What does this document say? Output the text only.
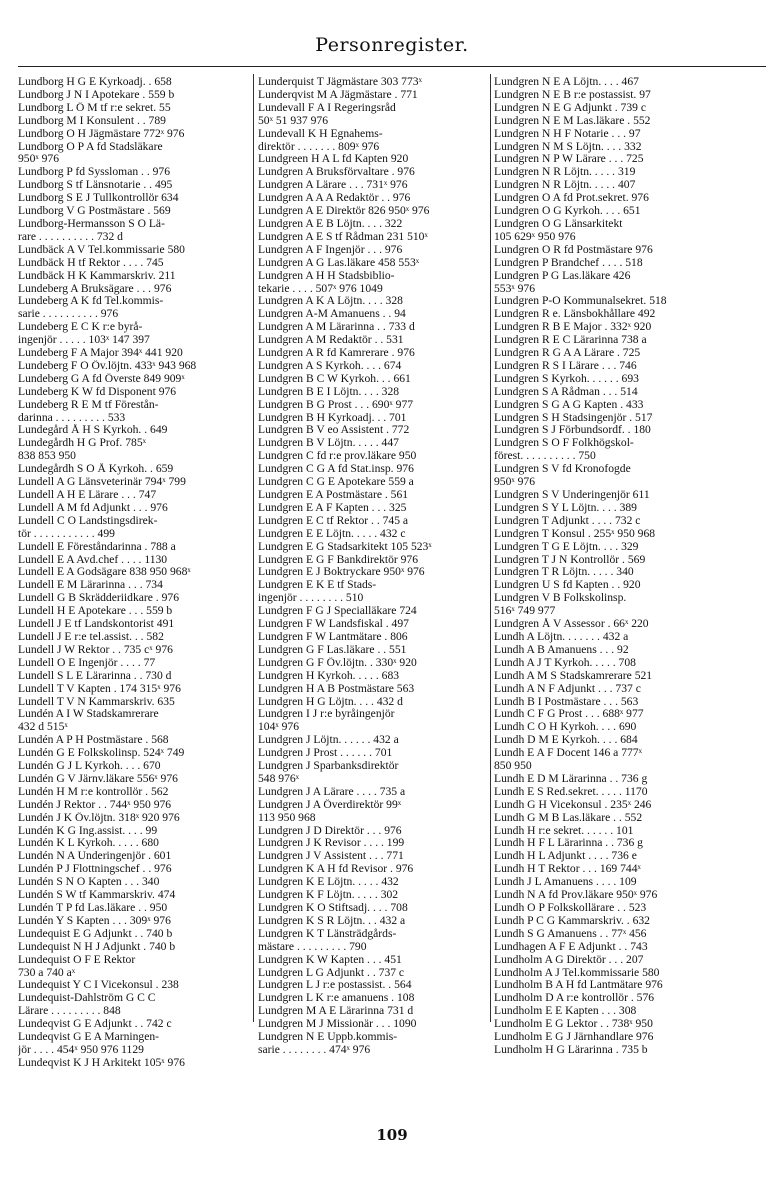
Personregister.
Lundborg H G E Kyrkoadj. . 658
Lundborg J N I Apotekare . 559 b
Lundborg L Ö M tf r:e sekret. 55
Lundborg M I Konsulent . . 789
Lundborg O H Jägmästare 772ˣ 976
Lundborg O P A fd Stadsläkare
950ˣ 976
Lundborg P fd Syssloman . . 976
Lundborg S tf Länsnotarie . . 495
Lundborg S E J Tullkontrollör 634
Lundborg V G Postmästare . 569
Lundborg-Hermansson S O Lä-
rare . . . . . . . . . . 732 d
Lundbäck A V Tel.kommissarie 580
Lundbäck H tf Rektor . . . . 745
Lundbäck H K Kammarskriv. 211
Lundeberg A Bruksägare . . . 976
Lundeberg A K fd Tel.kommis-
sarie . . . . . . . . . . 976
Lundeberg E C K r:e byrå-
ingenjör . . . . . 103ˣ 147 397
Lundeberg F A Major 394ˣ 441 920
Lundeberg F O Öv.löjtn. 433ˣ 943 968
Lundeberg G A fd Överste 849 909ˣ
Lundeberg K W fd Disponent 976
Lundeberg R E M tf Förestån-
darinna . . . . . . . . . 533
Lundegård Å H S Kyrkoh. . 649
Lundegårdh H G Prof. 785ˣ
838 853 950
Lundegårdh S O Å Kyrkoh. . 659
Lundell A G Länsveterinär 794ˣ 799
Lundell A H E Lärare . . . 747
Lundell A M fd Adjunkt . . . 976
Lundell C O Landstingsdirek-
tör . . . . . . . . . . . 499
Lundell E Föreståndarinna . 788 a
Lundell E A Avd.chef . . . . 1130
Lundell E A Godsägare 838 950 968ˣ
Lundell E M Lärarinna . . . 734
Lundell G B Skrädderiidkare . 976
Lundell H E Apotekare . . . 559 b
Lundell J E tf Landskontorist 491
Lundell J E r:e tel.assist. . . 582
Lundell J W Rektor . . 735 cˣ 976
Lundell O E Ingenjör . . . . 77
Lundell S L E Lärarinna . . 730 d
Lundell T V Kapten . 174 315ˣ 976
Lundell T V N Kammarskriv. 635
Lundén A I W Stadskamrerare
432 d 515ˣ
Lundén A P H Postmästare . 568
Lundén G E Folkskolinsp. 524ˣ 749
Lundén G J L Kyrkoh. . . . 670
Lundén G V Järnv.läkare 556ˣ 976
Lundén H M r:e kontrollör . 562
Lundén J Rektor . . 744ˣ 950 976
Lundén J K Öv.löjtn. 318ˣ 920 976
Lundén K G Ing.assist. . . . 99
Lundén K L Kyrkoh. . . . . 680
Lundén N A Underingenjör . 601
Lundén P J Flottningschef . . 976
Lundén S N O Kapten . . . 340
Lundén S W tf Kammarskriv. 474
Lundén T P fd Las.läkare . . 950
Lundén Y S Kapten . . . 309ˣ 976
Lundequist E G Adjunkt . . 740 b
Lundequist N H J Adjunkt . 740 b
Lundequist O F E Rektor
730 a 740 aˣ
Lundequist Y C I Vicekonsul . 238
Lundequist-Dahlström G C C
Lärare . . . . . . . . . 848
Lundeqvist G E Adjunkt . . 742 c
Lundeqvist G E A Marningen-
jör . . . . 454ˣ 950 976 1129
Lundeqvist K J H Arkitekt 105ˣ 976
Lunderquist T Jägmästare 303 773ˣ
Lunderqvist M A Jägmästare . 771
Lundevall F A I Regeringsråd
50ˣ 51 937 976
Lundevall K H Egnahems-
direktör . . . . . . . 809ˣ 976
Lundgreen H A L fd Kapten 920
Lundgren A Bruksförvaltare . 976
Lundgren A Lärare . . . 731ˣ 976
Lundgren A A A Redaktör . . 976
Lundgren A E Direktör 826 950ˣ 976
Lundgren A E B Löjtn. . . . 322
Lundgren A E S tf Rådman 231 510ˣ
Lundgren A F Ingenjör . . . 976
Lundgren A G Las.läkare 458 553ˣ
Lundgren A H H Stadsbiblio-
tekarie . . . . 507ˣ 976 1049
Lundgren A K A Löjtn. . . . 328
Lundgren A-M Amanuens . . 94
Lundgren A M Lärarinna . . 733 d
Lundgren A M Redaktör . . 531
Lundgren A R fd Kamrerare . 976
Lundgren A S Kyrkoh. . . . 674
Lundgren B C W Kyrkoh. . . 661
Lundgren B E I Löjtn. . . . 328
Lundgren B G Prost . . . 690ˣ 977
Lundgren B H Kyrkoadj. . . 701
Lundgren B V eo Assistent . 772
Lundgren B V Löjtn. . . . . 447
Lundgren C fd r:e prov.läkare 950
Lundgren C G A fd Stat.insp. 976
Lundgren C G E Apotekare 559 a
Lundgren E A Postmästare . 561
Lundgren E A F Kapten . . . 325
Lundgren E C tf Rektor . . 745 a
Lundgren E E Löjtn. . . . . 432 c
Lundgren E G Stadsarkitekt 105 523ˣ
Lundgren E G F Bankdirektör 976
Lundgren E J Boktryckare 950ˣ 976
Lundgren E K E tf Stads-
ingenjör . . . . . . . . 510
Lundgren F G J Specialläkare 724
Lundgren F W Landsfiskal . 497
Lundgren F W Lantmätare . 806
Lundgren G F Las.läkare . . 551
Lundgren G F Öv.löjtn. . 330ˣ 920
Lundgren H Kyrkoh. . . . . 683
Lundgren H A B Postmästare 563
Lundgren H G Löjtn. . . . 432 d
Lundgren I J r:e byråingenjör
104ˣ 976
Lundgren J Löjtn. . . . . . 432 a
Lundgren J Prost . . . . . . 701
Lundgren J Sparbanksdirektör
548 976ˣ
Lundgren J A Lärare . . . . 735 a
Lundgren J A Överdirektör 99ˣ
113 950 968
Lundgren J D Direktör . . . 976
Lundgren J K Revisor . . . . 199
Lundgren J V Assistent . . . 771
Lundgren K A H fd Revisor . 976
Lundgren K E Löjtn. . . . . 432
Lundgren K F Löjtn. . . . . 302
Lundgren K O Stiftsadj. . . . 708
Lundgren K S R Löjtn. . . 432 a
Lundgren K T Länsträdgårds-
mästare . . . . . . . . . 790
Lundgren K W Kapten . . . 451
Lundgren L G Adjunkt . . 737 c
Lundgren L J r:e postassist. . 564
Lundgren L K r:e amanuens . 108
Lundgren M A E Lärarinna 731 d
Lundgren M J Missionär . . . 1090
Lundgren N E Uppb.kommis-
sarie . . . . . . . . 474ˣ 976
Lundgren N E A Löjtn. . . . 467
Lundgren N E B r:e postassist. 97
Lundgren N E G Adjunkt . 739 c
Lundgren N E M Las.läkare . 552
Lundgren N H F Notarie . . . 97
Lundgren N M S Löjtn. . . . 332
Lundgren N P W Lärare . . . 725
Lundgren N R Löjtn. . . . . 319
Lundgren N R Löjtn. . . . . 407
Lundgren O A fd Prot.sekret. 976
Lundgren O G Kyrkoh. . . . 651
Lundgren O G Länsarkitekt
105 629ˣ 950 976
Lundgren O R fd Postmästare 976
Lundgren P Brandchef . . . . 518
Lundgren P G Las.läkare 426
553ˣ 976
Lundgren P-O Kommunalsekret. 518
Lundgren R e. Länsbokhållare 492
Lundgren R B E Major . 332ˣ 920
Lundgren R E C Lärarinna 738 a
Lundgren R G A A Lärare . 725
Lundgren R S I Lärare . . . 746
Lundgren S Kyrkoh. . . . . . 693
Lundgren S A Rådman . . . 514
Lundgren S G A G Kapten . 433
Lundgren S H Stadsingenjör . 517
Lundgren S J Förbundsordf. . 180
Lundgren S O F Folkhögskol-
förest. . . . . . . . . . 750
Lundgren S V fd Kronofogde
950ˣ 976
Lundgren S V Underingenjör 611
Lundgren S Y L Löjtn. . . . 389
Lundgren T Adjunkt . . . . 732 c
Lundgren T Konsul . 255ˣ 950 968
Lundgren T G E Löjtn. . . . 329
Lundgren T J N Kontrollör . 569
Lundgren T R Löjtn. . . . . 340
Lundgren U S fd Kapten . . 920
Lundgren V B Folkskolinsp.
516ˣ 749 977
Lundgren Å V Assessor . 66ˣ 220
Lundh A Löjtn. . . . . . . 432 a
Lundh A B Amanuens . . . 92
Lundh A J T Kyrkoh. . . . . 708
Lundh A M S Stadskamrerare 521
Lundh A N F Adjunkt . . . 737 c
Lundh B I Postmästare . . . 563
Lundh C F G Prost . . . 688ˣ 977
Lundh C O H Kyrkoh. . . . 690
Lundh D M E Kyrkoh. . . . 684
Lundh E A F Docent 146 a 777ˣ
850 950
Lundh E D M Lärarinna . . 736 g
Lundh E S Red.sekret. . . . . 1170
Lundh G H Vicekonsul . 235ˣ 246
Lundh G M B Las.läkare . . 552
Lundh H r:e sekret. . . . . . 101
Lundh H F L Lärarinna . . 736 g
Lundh H L Adjunkt . . . . 736 e
Lundh H T Rektor . . . 169 744ˣ
Lundh J L Amanuens . . . . 109
Lundh N A fd Prov.läkare 950ˣ 976
Lundh O P Folkskollärare . . 523
Lundh P C G Kammarskriv. . 632
Lundh S G Amanuens . . 77ˣ 456
Lundhagen A F E Adjunkt . . 743
Lundholm A G Direktör . . . 207
Lundholm A J Tel.kommissarie 580
Lundholm B A H fd Lantmätare 976
Lundholm D A r:e kontrollör . 576
Lundholm E E Kapten . . . 308
Lundholm E G Lektor . . 738ˣ 950
Lundholm E G J Järnhandlare 976
Lundholm H G Lärarinna . 735 b
109
